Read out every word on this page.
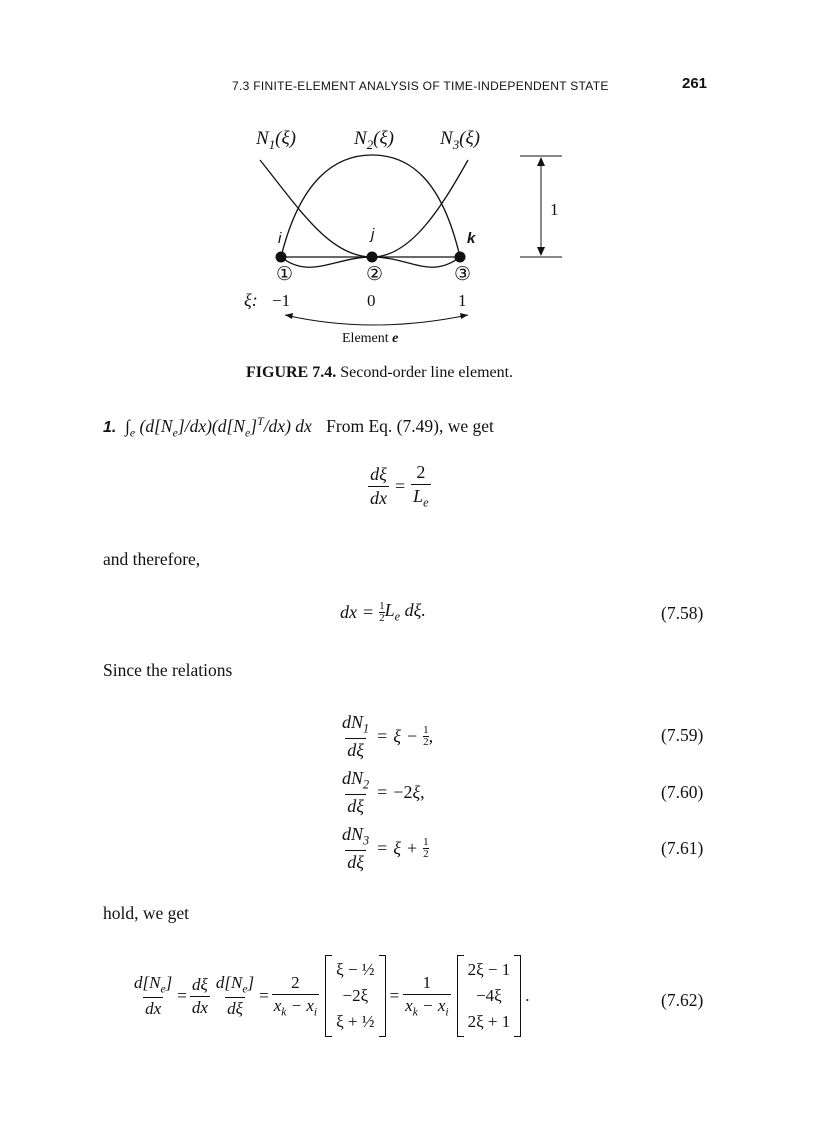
7.3 FINITE-ELEMENT ANALYSIS OF TIME-INDEPENDENT STATE	261
$N_1(\xi)$	$N_2(\xi)$ $N_3(\xi)$
i	j	k
①	②	③
ξ: −1	0	1
Element e
1
FIGURE 7.4. Second-order line element.
1.  $\int_e$ $(d[N_e]/dx)(d[N_e]^T/dx)$ dx From Eq. (7.49), we get
$\frac{d\xi}{dx} = \frac{2}{L_e}$
and therefore,
dx = $\frac{1}{2} L_e$ dξ.	(7.58)
Since the relations
$\frac{dN_1}{d\xi} = \xi - \frac{1}{2}$ ,	(7.59)
$\frac{dN_2}{d\xi} = -2$ ξ ,	(7.60)
$\frac{dN_3}{d\xi} = \xi + \frac{1}{2}$	(7.61)
hold, we get
$\frac{d[N_e]}{dx} = \frac{d\xi}{dx} \frac{d[N_e]}{d\xi} = \frac{2}{x_k - x_i}$
ξ − ½
−2ξ
ξ + ½
= $\frac{1}{x_k - x_i}$
2ξ − 1
−4ξ
2ξ + 1
.	(7.62)
